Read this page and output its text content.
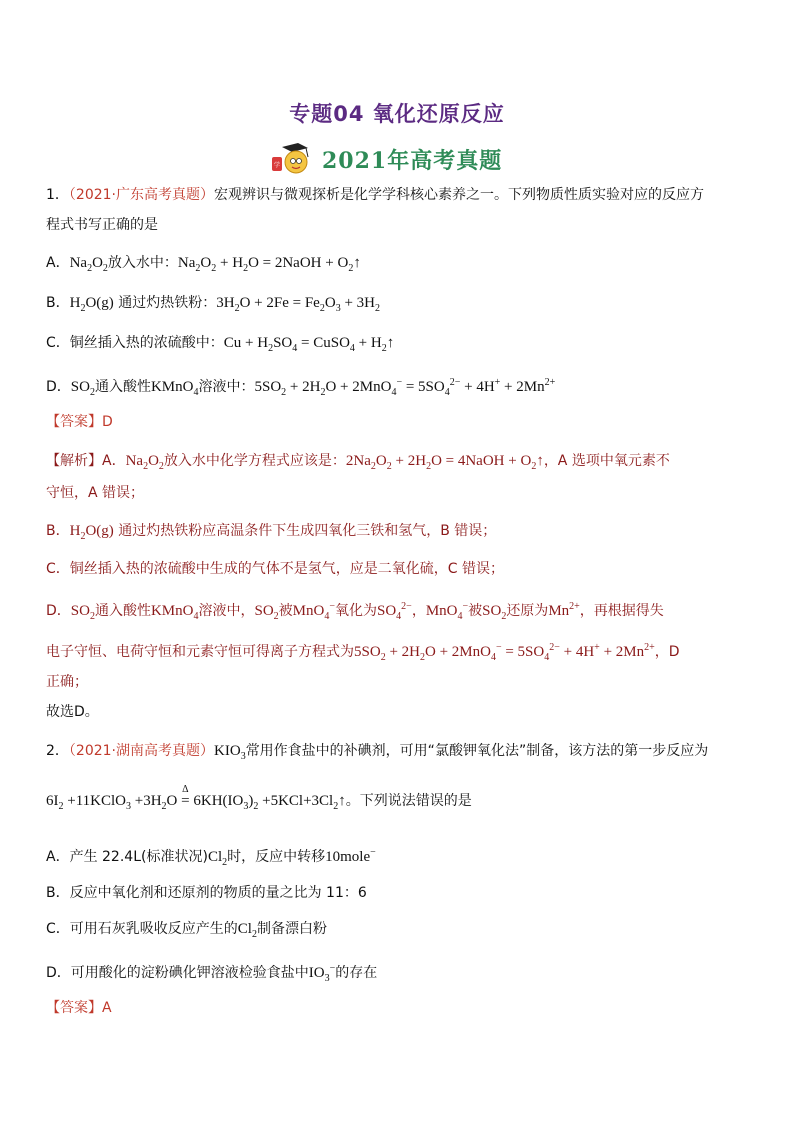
专题04 氧化还原反应
学 2021年高考真题
1．（2021·广东高考真题）宏观辨识与微观探析是化学学科核心素养之一。下列物质性质实验对应的反应方
程式书写正确的是
A．$Na_2O_2$放入水中：$Na_2O_2 + H_2O$ = 2NaOH + $O_2↑$
B．$H_2O(g)$ 通过灼热铁粉：$3H_2O + 2Fe = Fe_2O_3 + 3H_2$
C．铜丝插入热的浓硫酸中：$Cu + H_2SO_4$ = CuSO$_4$ + $H_2↑$
D．$SO_2$通入酸性KMnO$_4$溶液中：$5SO_2 + 2H_2O + 2MnO_4^- = 5SO_4^{2-} + 4H^+ + 2Mn^{2+}$
【答案】D
【解析】A．$Na_2O_2$放入水中化学方程式应该是：$2Na_2O_2 + 2H_2O$ = 4NaOH + $O_2↑$，A 选项中氧元素不
守恒，A 错误；
B．$H_2O(g)$ 通过灼热铁粉应高温条件下生成四氧化三铁和氢气，B 错误；
C．铜丝插入热的浓硫酸中生成的气体不是氢气，应是二氧化硫，C 错误；
D．$SO_2$通入酸性KMnO$_4$溶液中，$SO_2$被MnO$_4$−氧化为$SO_4^{2-}$，MnO$_4$−被$SO_2$还原为$Mn^{2+}$，再根据得失
电子守恒、电荷守恒和元素守恒可得离子方程式为$5SO_2 + 2H_2O + 2MnO_4^- = 5SO_4^{2-} + 4H^+ + 2Mn^{2+}$，D
正确；
故选D。
2．（2021·湖南高考真题）$KIO_3$常用作食盐中的补碘剂，可用“氯酸钾氧化法”制备，该方法的第一步反应为
$6I_2$ +11KClO$_3$ $+3H_2O$ =
Δ
$6KH(IO_3)_2$ $+5KCl+3Cl_2↑$。下列说法错误的是
A．产生 22.4L(标准状况)$Cl_2$时，反应中转移10mole−
B．反应中氧化剂和还原剂的物质的量之比为 11：6
C．可用石灰乳吸收反应产生的$Cl_2$制备漂白粉
D．可用酸化的淀粉碘化钾溶液检验食盐中$IO_3^-$的存在
【答案】A
